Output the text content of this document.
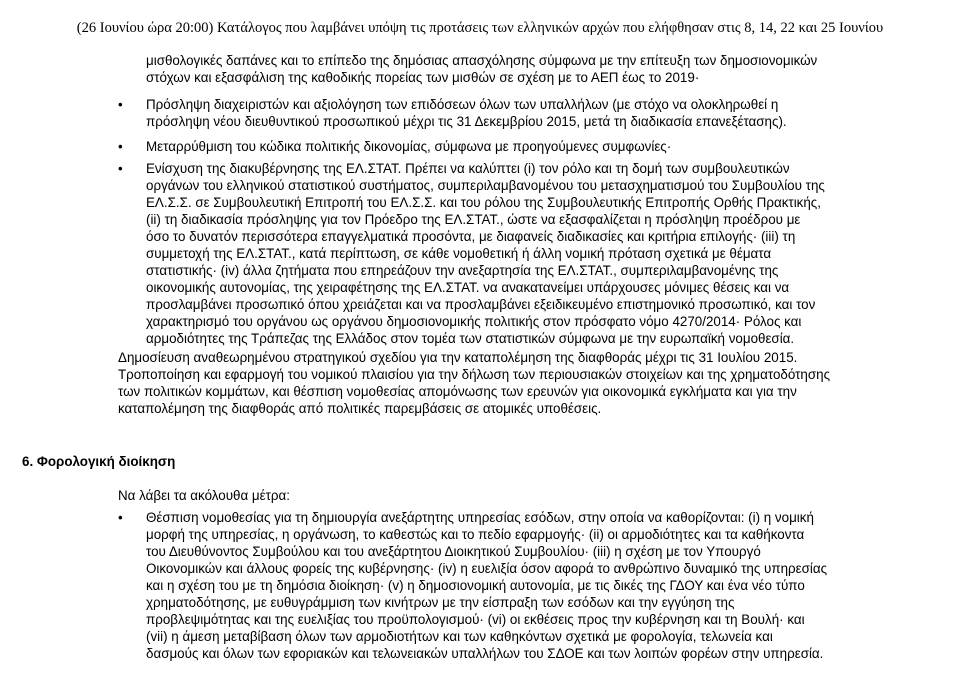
(26 Ιουνίου ώρα 20:00) Κατάλογος που λαμβάνει υπόψη τις προτάσεις των ελληνικών αρχών που ελήφθησαν στις 8, 14, 22 και 25 Ιουνίου
μισθολογικές δαπάνες και το επίπεδο της δημόσιας απασχόλησης σύμφωνα με την επίτευξη των δημοσιονομικών
στόχων και εξασφάλιση της καθοδικής πορείας των μισθών σε σχέση με το ΑΕΠ έως το 2019·
• Πρόσληψη διαχειριστών και αξιολόγηση των επιδόσεων όλων των υπαλλήλων (με στόχο να ολοκληρωθεί η
πρόσληψη νέου διευθυντικού προσωπικού μέχρι τις 31 Δεκεμβρίου 2015, μετά τη διαδικασία επανεξέτασης).
• Μεταρρύθμιση του κώδικα πολιτικής δικονομίας, σύμφωνα με προηγούμενες συμφωνίες·
• Ενίσχυση της διακυβέρνησης της ΕΛ.ΣΤΑΤ. Πρέπει να καλύπτει (i) τον ρόλο και τη δομή των συμβουλευτικών
οργάνων του ελληνικού στατιστικού συστήματος, συμπεριλαμβανομένου του μετασχηματισμού του Συμβουλίου της
ΕΛ.Σ.Σ. σε Συμβουλευτική Επιτροπή του ΕΛ.Σ.Σ. και του ρόλου της Συμβουλευτικής Επιτροπής Ορθής Πρακτικής,
(ii) τη διαδικασία πρόσληψης για τον Πρόεδρο της ΕΛ.ΣΤΑΤ., ώστε να εξασφαλίζεται η πρόσληψη προέδρου με
όσο το δυνατόν περισσότερα επαγγελματικά προσόντα, με διαφανείς διαδικασίες και κριτήρια επιλογής· (iii) τη
συμμετοχή της ΕΛ.ΣΤΑΤ., κατά περίπτωση, σε κάθε νομοθετική ή άλλη νομική πρόταση σχετικά με θέματα
στατιστικής· (iv) άλλα ζητήματα που επηρεάζουν την ανεξαρτησία της ΕΛ.ΣΤΑΤ., συμπεριλαμβανομένης της
οικονομικής αυτονομίας, της χειραφέτησης της ΕΛ.ΣΤΑΤ. να ανακατανείμει υπάρχουσες μόνιμες θέσεις και να
προσλαμβάνει προσωπικό όπου χρειάζεται και να προσλαμβάνει εξειδικευμένο επιστημονικό προσωπικό, και τον
χαρακτηρισμό του οργάνου ως οργάνου δημοσιονομικής πολιτικής στον πρόσφατο νόμο 4270/2014· Ρόλος και
αρμοδιότητες της Τράπεζας της Ελλάδος στον τομέα των στατιστικών σύμφωνα με την ευρωπαϊκή νομοθεσία.
Δημοσίευση αναθεωρημένου στρατηγικού σχεδίου για την καταπολέμηση της διαφθοράς μέχρι τις 31 Ιουλίου 2015.
Τροποποίηση και εφαρμογή του νομικού πλαισίου για την δήλωση των περιουσιακών στοιχείων και της χρηματοδότησης
των πολιτικών κομμάτων, και θέσπιση νομοθεσίας απομόνωσης των ερευνών για οικονομικά εγκλήματα και για την
καταπολέμηση της διαφθοράς από πολιτικές παρεμβάσεις σε ατομικές υποθέσεις.
6. Φορολογική διοίκηση
Να λάβει τα ακόλουθα μέτρα:
• Θέσπιση νομοθεσίας για τη δημιουργία ανεξάρτητης υπηρεσίας εσόδων, στην οποία να καθορίζονται: (i) η νομική
μορφή της υπηρεσίας, η οργάνωση, το καθεστώς και το πεδίο εφαρμογής· (ii) οι αρμοδιότητες και τα καθήκοντα
του Διευθύνοντος Συμβούλου και του ανεξάρτητου Διοικητικού Συμβουλίου· (iii) η σχέση με τον Υπουργό
Οικονομικών και άλλους φορείς της κυβέρνησης· (iv) η ευελιξία όσον αφορά το ανθρώπινο δυναμικό της υπηρεσίας
και η σχέση του με τη δημόσια διοίκηση· (v) η δημοσιονομική αυτονομία, με τις δικές της ΓΔΟΥ και ένα νέο τύπο
χρηματοδότησης, με ευθυγράμμιση των κινήτρων με την είσπραξη των εσόδων και την εγγύηση της
προβλεψιμότητας και της ευελιξίας του προϋπολογισμού· (vi) οι εκθέσεις προς την κυβέρνηση και τη Βουλή· και
(vii) η άμεση μεταβίβαση όλων των αρμοδιοτήτων και των καθηκόντων σχετικά με φορολογία, τελωνεία και
δασμούς και όλων των εφοριακών και τελωνειακών υπαλλήλων του ΣΔΟΕ και των λοιπών φορέων στην υπηρεσία.
